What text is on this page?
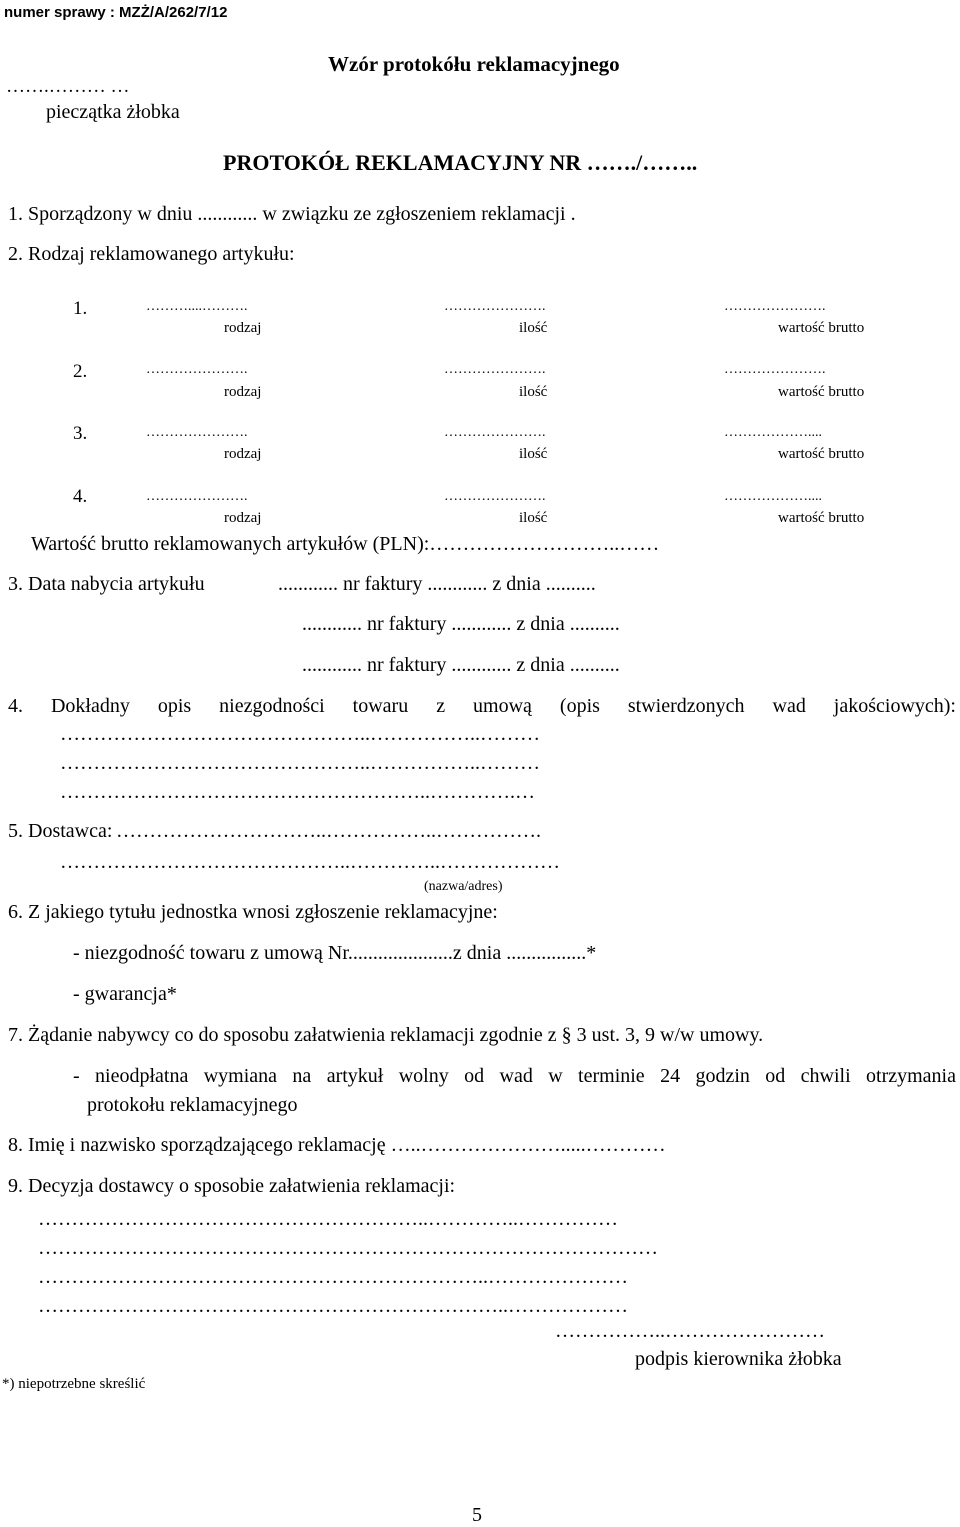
numer sprawy : MZŻ/A/262/7/12
Wzór protokółu reklamacyjnego
…….……… …
pieczątka żłobka
PROTOKÓŁ REKLAMACYJNY NR ……./……..
1. Sporządzony w dniu ............ w związku ze zgłoszeniem reklamacji .
2. Rodzaj reklamowanego artykułu:
1.	………....……….	………………….	………………….
rodzaj	ilość	wartość brutto
2.	………………….	………………….	………………….
rodzaj	ilość	wartość brutto
3.	………………….	………………….	………………....
rodzaj	ilość	wartość brutto
4.	………………….	………………….	………………....
rodzaj	ilość	wartość brutto
Wartość brutto reklamowanych artykułów (PLN):………………………..……
3. Data nabycia artykułu	............ nr faktury ............ z dnia ..........
............ nr faktury ............ z dnia ..........
............ nr faktury ............ z dnia ..........
4. Dokładny opis niezgodności towaru z umową (opis stwierdzonych wad jakościowych):
………………………………………..……………..………
………………………………………..……………..………
………………………………………………..………….…
5. Dostawca: …………………………..……………..…………….
……………………………………..…………..………………
(nazwa/adres)
6. Z jakiego tytułu jednostka wnosi zgłoszenie reklamacyjne:
- niezgodność towaru z umową Nr.....................z dnia ................*
- gwarancja*
7. Żądanie nabywcy co do sposobu załatwienia reklamacji zgodnie z § 3 ust. 3, 9 w/w umowy.
- nieodpłatna wymiana na artykuł wolny od wad w terminie 24 godzin od chwili otrzymania
protokołu reklamacyjnego
8. Imię i nazwisko sporządzającego reklamację …..………………….....…………
9. Decyzja dostawcy o sposobie załatwienia reklamacji:
…………………………………………………..…………..……………
…………………………………………………………………………………
…………………………………………………………..…………………
……………………………………………………………..………………
……………..……………………
podpis kierownika żłobka
*) niepotrzebne skreślić
5
